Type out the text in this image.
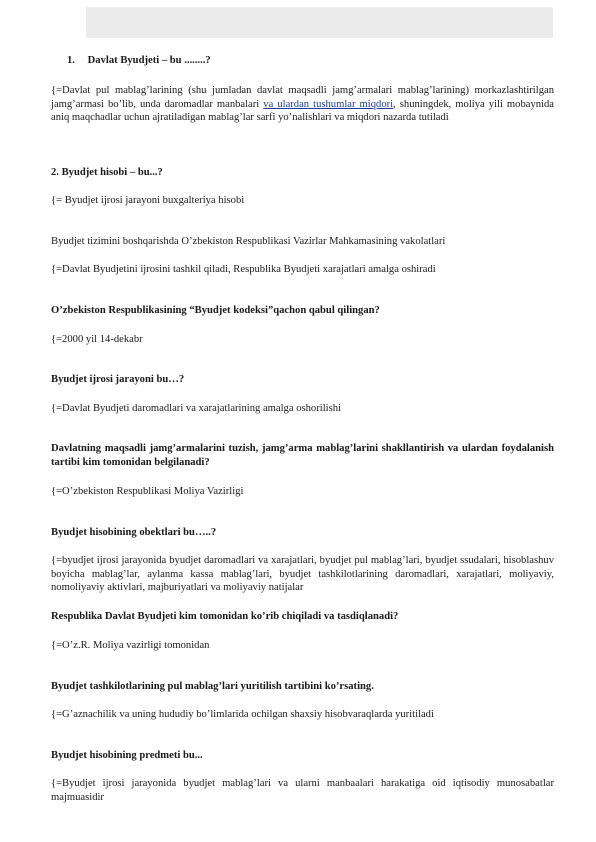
1. Davlat Byudjeti – bu ........?
{=Davlat pul mablag’larining (shu jumladan davlat maqsadli jamg’armalari mablag’larining) morkazlashtirilgan jamg’armasi bo’lib, unda daromadlar manbalari va ulardan tushumlar miqdori, shuningdek, moliya yili mobaynida aniq maqchadlar uchun ajratiladigan mablag’lar sarfi yo’nalishlari va miqdori nazarda tutiladi
2. Byudjet hisobi – bu...?
{= Byudjet ijrosi jarayoni buxgalteriya hisobi
Byudjet tizimini boshqarishda O’zbekiston Respublikasi Vazirlar Mahkamasining vakolatlari
{=Davlat Byudjetini ijrosini tashkil qiladi, Respublika Byudjeti xarajatlari amalga oshiradi
O’zbekiston Respublikasining “Byudjet kodeksi”qachon qabul qilingan?
{=2000 yil 14-dekabr
Byudjet ijrosi jarayoni bu…?
{=Davlat Byudjeti daromadlari va xarajatlarining amalga oshorilishi
Davlatning maqsadli jamg’armalarini tuzish, jamg’arma mablag’larini shakllantirish va ulardan foydalanish tartibi kim tomonidan belgilanadi?
{=O’zbekiston Respublikasi Moliya Vazirligi
Byudjet hisobining obektlari bu…..?
{=byudjet ijrosi jarayonida byudjet daromadlari va xarajatlari, byudjet pul mablag’lari, byudjet ssudalari, hisoblashuv boyicha mablag’lar, aylanma kassa mablag’lari, byudjet tashkilotlarining daromadlari, xarajatlari, moliyaviy, nomoliyaviy aktivlari, majburiyatlari va moliyaviy natijalar
Respublika Davlat Byudjeti kim tomonidan ko’rib chiqiladi va tasdiqlanadi?
{=O’z.R. Moliya vazirligi tomonidan
Byudjet tashkilotlarining pul mablag’lari yuritilish tartibini ko’rsating.
{=G’aznachilik va uning hududiy bo’limlarida ochilgan shaxsiy hisobvaraqlarda yuritiladi
Byudjet hisobining predmeti bu...
{=Byudjet ijrosi jarayonida byudjet mablag’lari va ularni manbaalari harakatiga oid iqtisodiy munosabatlar majmuasidir
